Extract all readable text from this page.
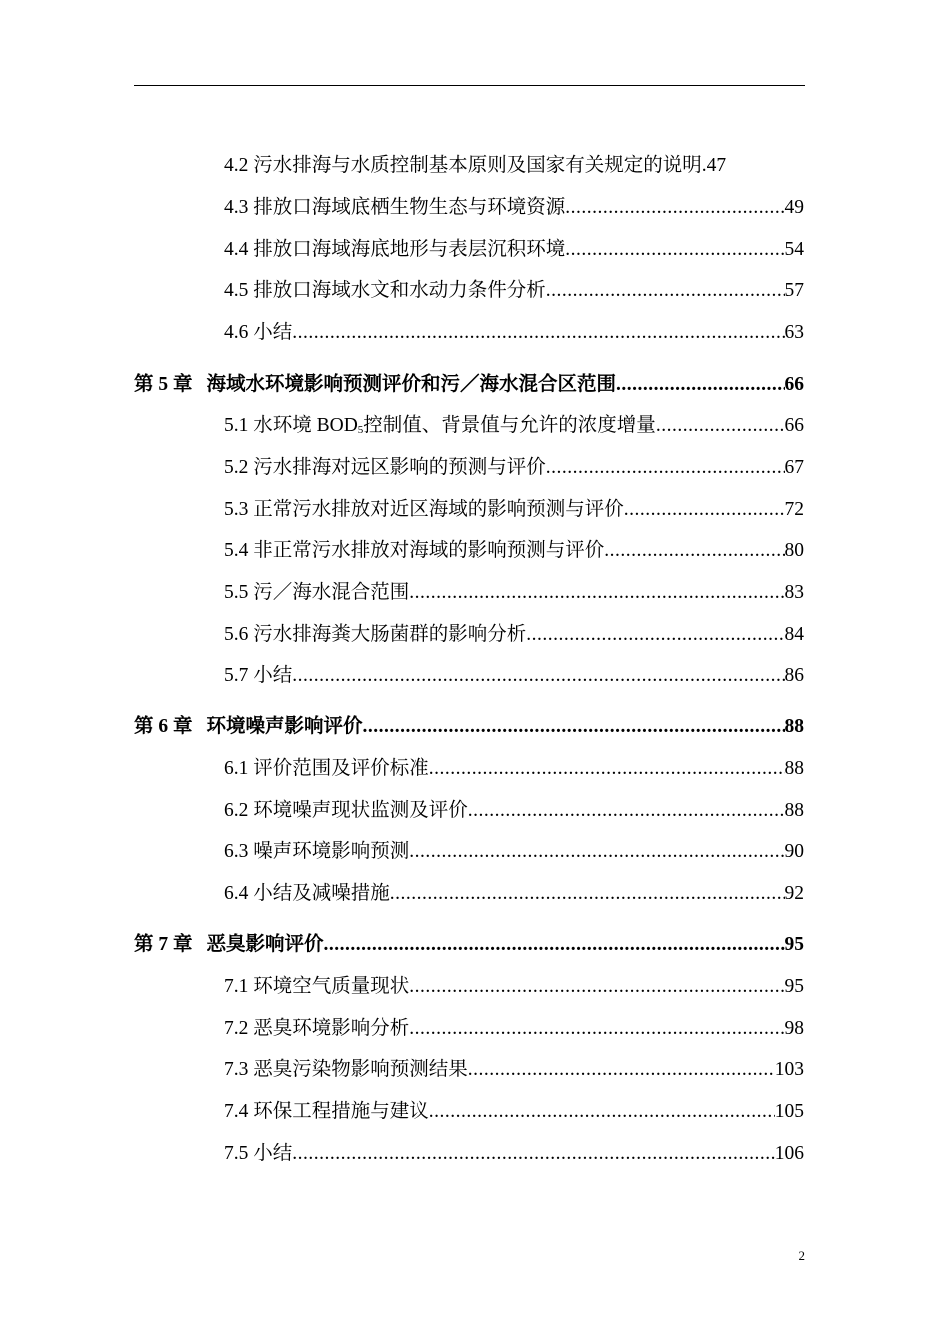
4.2 污水排海与水质控制基本原则及国家有关规定的说明. 47
4.3 排放口海域底栖生物生态与环境资源 .....	49
4.4 排放口海域海底地形与表层沉积环境 .....	54
4.5 排放口海域水文和水动力条件分析 .....	57
4.6 小结 .....	63
第 5 章 海域水环境影响预测评价和污／海水混合区范围 .....	66
5.1 水环境 $BOD_5$控制值、背景值与允许的浓度增量 .....	66
5.2 污水排海对远区影响的预测与评价 .....	67
5.3 正常污水排放对近区海域的影响预测与评价 .....	72
5.4 非正常污水排放对海域的影响预测与评价 .....	80
5.5 污／海水混合范围 .....	83
5.6 污水排海粪大肠菌群的影响分析 .....	84
5.7 小结 .....	86
第 6 章 环境噪声影响评价 .....	88
6.1 评价范围及评价标准 .....	88
6.2 环境噪声现状监测及评价 .....	88
6.3 噪声环境影响预测 .....	90
6.4 小结及减噪措施 .....	92
第 7 章 恶臭影响评价 .....	95
7.1 环境空气质量现状 .....	95
7.2 恶臭环境影响分析 .....	98
7.3 恶臭污染物影响预测结果 .....	103
7.4 环保工程措施与建议 .....	105
7.5 小结 .....	106
2
